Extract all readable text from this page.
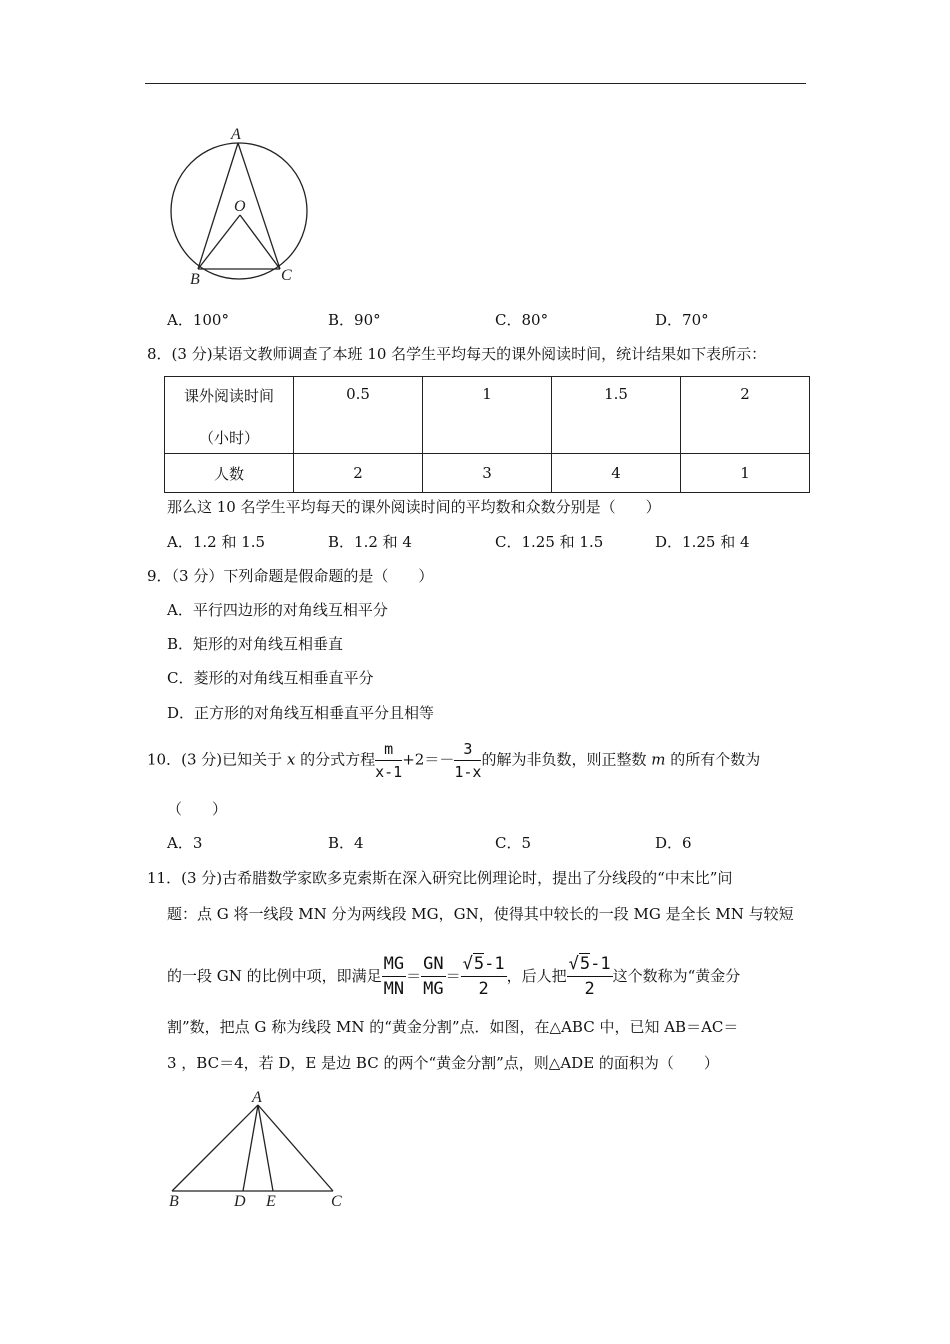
A
O
B	C
A．100°	B．90°	C．80°	D．70°
8．(3 分)某语文教师调查了本班 10 名学生平均每天的课外阅读时间，统计结果如下表所示：
课外阅读时间
（小时）	0.5	1	1.5	2

人数	2	3	4	1
那么这 10 名学生平均每天的课外阅读时间的平均数和众数分别是（　　）
A．1.2 和 1.5	B．1.2 和 4	C．1.25 和 1.5	D．1.25 和 4
9．（3 分）下列命题是假命题的是（　　）
A．平行四边形的对角线互相平分
B．矩形的对角线互相垂直
C．菱形的对角线互相垂直平分
D．正方形的对角线互相垂直平分且相等
10．(3 分)已知关于 x 的分式方程 $\frac{m}{x-1} +2=- \frac{3}{1-x}$ 的解为非负数，则正整数 m 的所有个数为
（　　）
A．3	B．4	C．5	D．6
11．(3 分)古希腊数学家欧多克索斯在深入研究比例理论时，提出了分线段的“中末比”问
题：点 G 将一线段 MN 分为两线段 MG，GN，使得其中较长的一段 MG 是全长 MN 与较短
的一段 GN 的比例中项，即满足 $\frac{MG}{MN} = \frac{GN}{MG} = \frac{√5-1}{2}$ ，后人把 $\frac{√5-1}{2}$ 这个数称为“黄金分
割”数，把点 G 称为线段 MN 的“黄金分割”点．如图，在△ABC 中，已知 AB＝AC＝
3 ，BC＝4，若 D，E 是边 BC 的两个“黄金分割”点，则△ADE 的面积为（　　）
A
B	D E	C
